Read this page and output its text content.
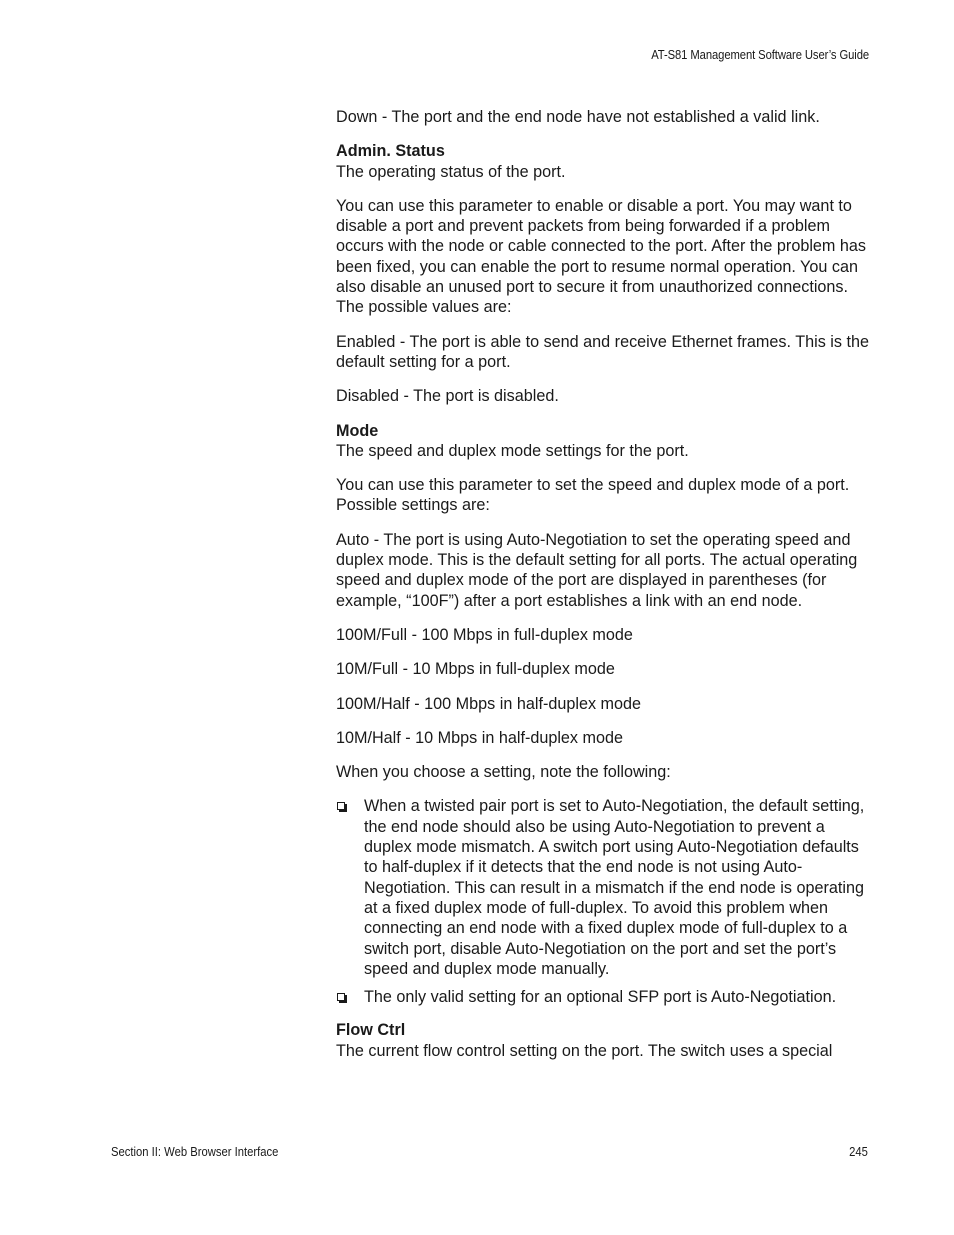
AT-S81 Management Software User’s Guide

Down - The port and the end node have not established a valid link.

Admin. Status

The operating status of the port.

You can use this parameter to enable or disable a port. You may want to disable a port and prevent packets from being forwarded if a problem occurs with the node or cable connected to the port. After the problem has been fixed, you can enable the port to resume normal operation. You can also disable an unused port to secure it from unauthorized connections. The possible values are:

Enabled - The port is able to send and receive Ethernet frames. This is the default setting for a port.

Disabled - The port is disabled.

Mode

The speed and duplex mode settings for the port.

You can use this parameter to set the speed and duplex mode of a port. Possible settings are:

Auto - The port is using Auto-Negotiation to set the operating speed and duplex mode. This is the default setting for all ports. The actual operating speed and duplex mode of the port are displayed in parentheses (for example, “100F”) after a port establishes a link with an end node.

100M/Full - 100 Mbps in full-duplex mode

10M/Full - 10 Mbps in full-duplex mode

100M/Half - 100 Mbps in half-duplex mode

10M/Half - 10 Mbps in half-duplex mode

When you choose a setting, note the following:

When a twisted pair port is set to Auto-Negotiation, the default setting, the end node should also be using Auto-Negotiation to prevent a duplex mode mismatch. A switch port using Auto-Negotiation defaults to half-duplex if it detects that the end node is not using Auto-Negotiation. This can result in a mismatch if the end node is operating at a fixed duplex mode of full-duplex. To avoid this problem when connecting an end node with a fixed duplex mode of full-duplex to a switch port, disable Auto-Negotiation on the port and set the port’s speed and duplex mode manually.
The only valid setting for an optional SFP port is Auto-Negotiation.
Flow Ctrl

The current flow control setting on the port. The switch uses a special

Section II: Web Browser Interface	245
